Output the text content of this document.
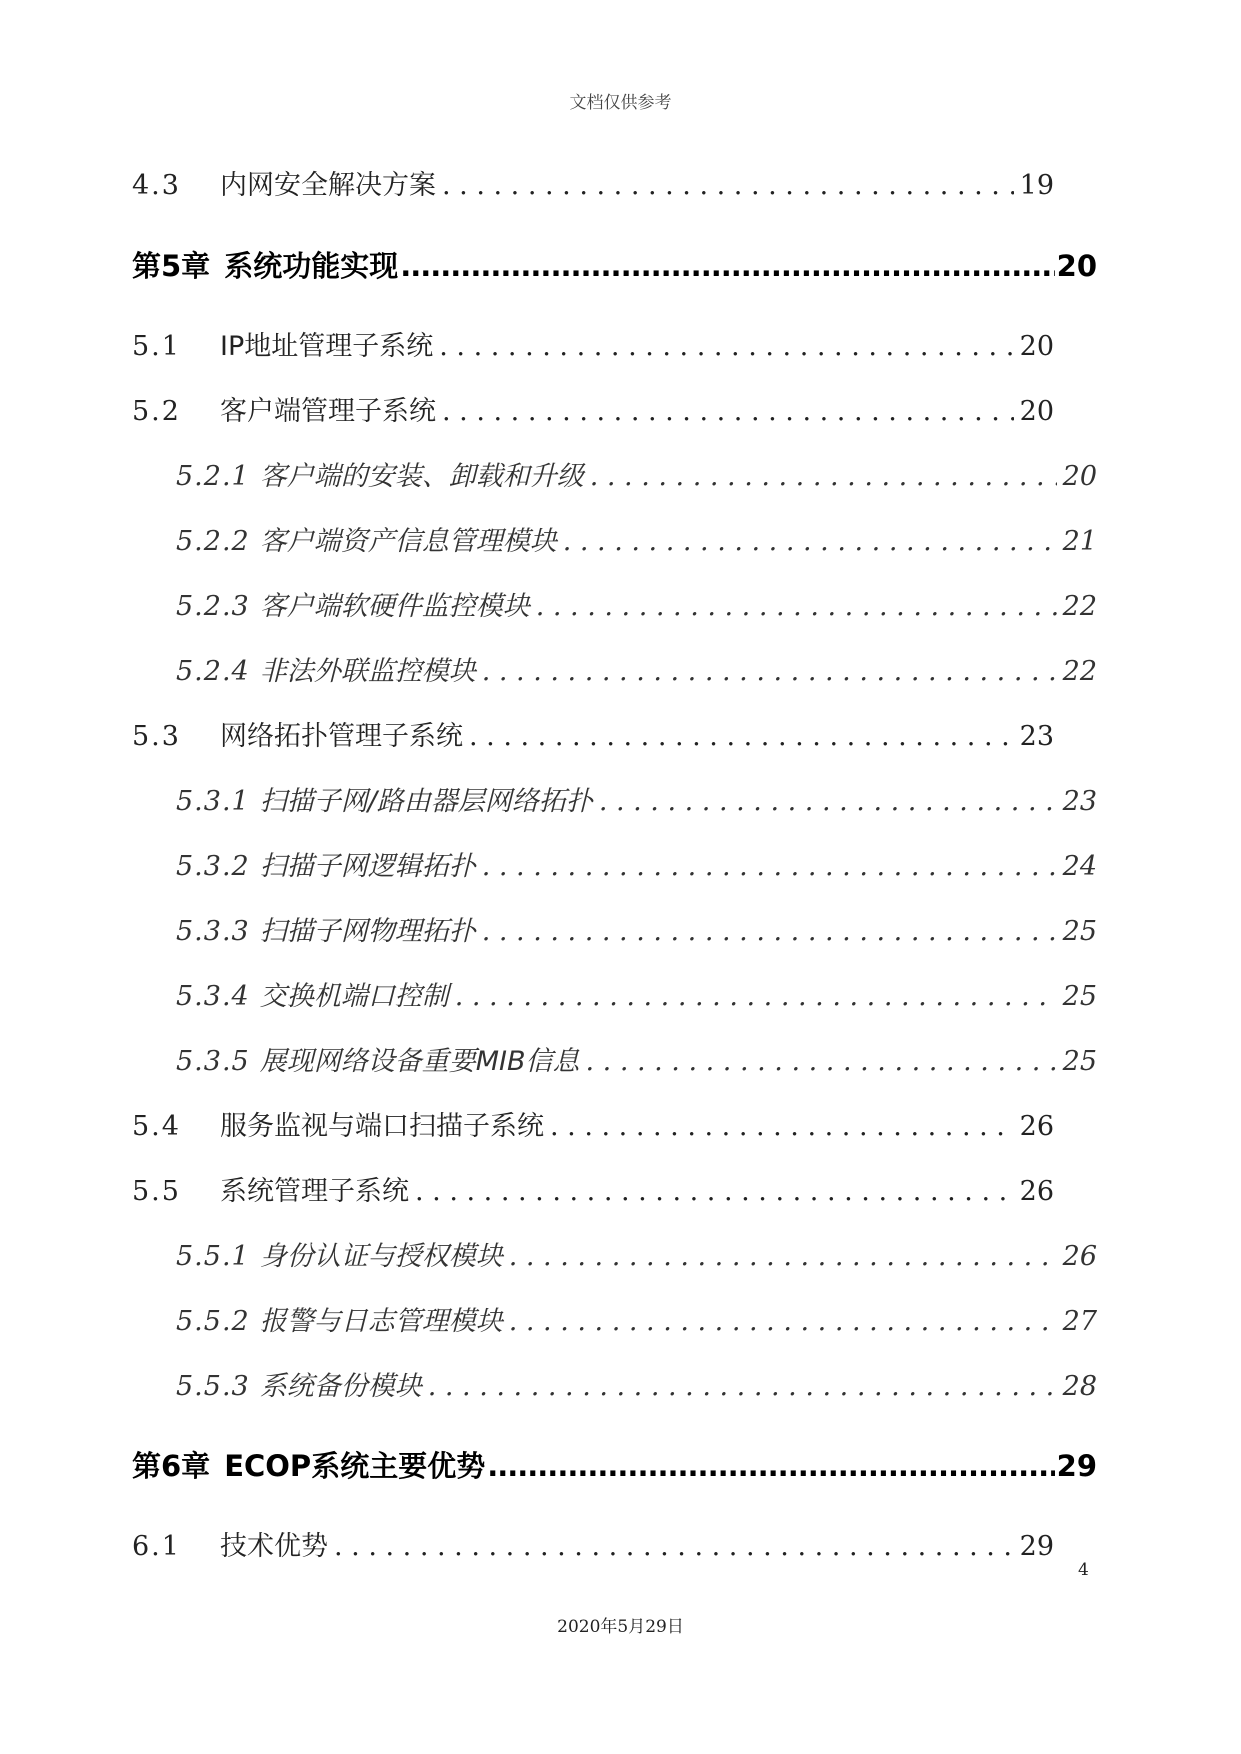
文档仅供参考
4.3	内网安全解决方案 . . .	19
第5章 系统功能实现 .....	20
5.1	IP地址管理子系统 . . .	20
5.2	客户端管理子系统 . . .	20
5.2.1 客户端的安装、卸载和升级 . . .	20
5.2.2 客户端资产信息管理模块 . . .	21
5.2.3 客户端软硬件监控模块 . . .	22
5.2.4 非法外联监控模块 . . .	22
5.3	网络拓扑管理子系统 . . .	23
5.3.1 扫描子网/路由器层网络拓扑 . . .	23
5.3.2 扫描子网逻辑拓扑 . . .	24
5.3.3 扫描子网物理拓扑 . . .	25
5.3.4 交换机端口控制 . . .	25
5.3.5 展现网络设备重要MIB信息 . . .	25
5.4	服务监视与端口扫描子系统 . . .	26
5.5	系统管理子系统 . . .	26
5.5.1 身份认证与授权模块 . . .	26
5.5.2 报警与日志管理模块 . . .	27
5.5.3 系统备份模块 . . .	28
第6章 ECOP系统主要优势 .....	29
6.1	技术优势 . . .	29
4
2020年5月29日
